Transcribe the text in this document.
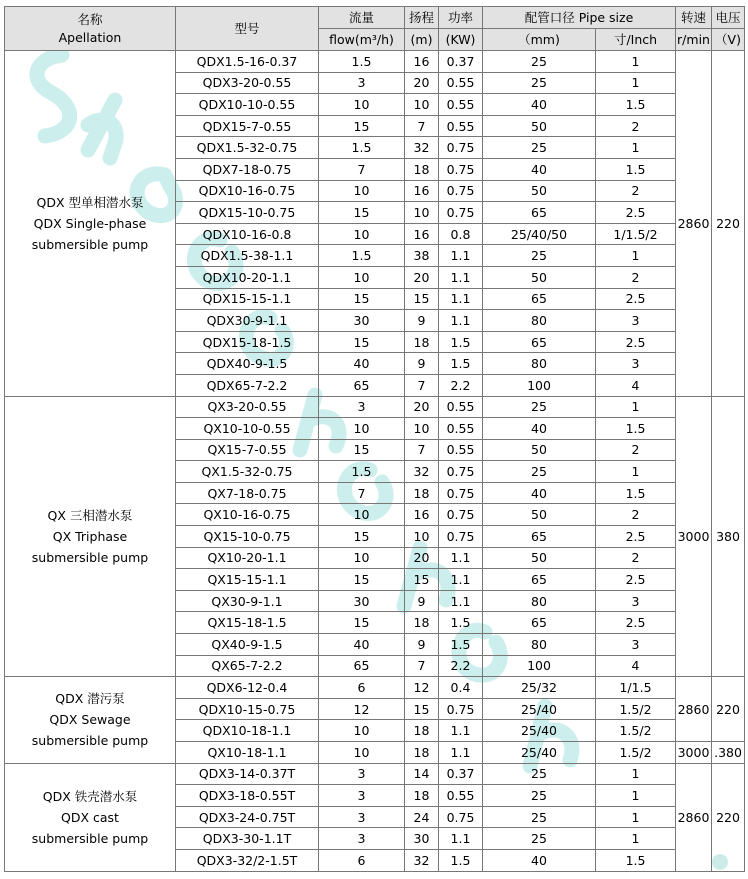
名称
Apellation	型号	流量	扬程	功率	配管口径 Pipe size		转速	电压
		flow(m³/h)	(m)	(KW)	（mm)	寸/Inch	r/min	（V)

QDX 型单相潜水泵
QDX Single-phase
submersible pump	QDX1.5-16-0.37	1.5	16	0.37	25	1	2860	220
	QDX3-20-0.55	3	20	0.55	25	1		
	QDX10-10-0.55	10	10	0.55	40	1.5		
	QDX15-7-0.55	15	7	0.55	50	2		
	QDX1.5-32-0.75	1.5	32	0.75	25	1		
	QDX7-18-0.75	7	18	0.75	40	1.5		
	QDX10-16-0.75	10	16	0.75	50	2		
	QDX15-10-0.75	15	10	0.75	65	2.5		
	QDX10-16-0.8	10	16	0.8	25/40/50	1/1.5/2		
	QDX1.5-38-1.1	1.5	38	1.1	25	1		
	QDX10-20-1.1	10	20	1.1	50	2		
	QDX15-15-1.1	15	15	1.1	65	2.5		
	QDX30-9-1.1	30	9	1.1	80	3		
	QDX15-18-1.5	15	18	1.5	65	2.5		
	QDX40-9-1.5	40	9	1.5	80	3		
	QDX65-7-2.2	65	7	2.2	100	4		

QX 三相潜水泵
QX Triphase
submersible pump	QX3-20-0.55	3	20	0.55	25	1	3000	380
	QX10-10-0.55	10	10	0.55	40	1.5		
	QX15-7-0.55	15	7	0.55	50	2		
	QX1.5-32-0.75	1.5	32	0.75	25	1		
	QX7-18-0.75	7	18	0.75	40	1.5		
	QX10-16-0.75	10	16	0.75	50	2		
	QX15-10-0.75	15	10	0.75	65	2.5		
	QX10-20-1.1	10	20	1.1	50	2		
	QX15-15-1.1	15	15	1.1	65	2.5		
	QX30-9-1.1	30	9	1.1	80	3		
	QX15-18-1.5	15	18	1.5	65	2.5		
	QX40-9-1.5	40	9	1.5	80	3		
	QX65-7-2.2	65	7	2.2	100	4		

QDX 潜污泵
QDX Sewage
submersible pump	QDX6-12-0.4	6	12	0.4	25/32	1/1.5	2860	220
	QDX10-15-0.75	12	15	0.75	25/40	1.5/2		
	QDX10-18-1.1	10	18	1.1	25/40	1.5/2		
	QX10-18-1.1	10	18	1.1	25/40	1.5/2	3000	.380

QDX 铁壳潜水泵
QDX cast
submersible pump	QDX3-14-0.37T	3	14	0.37	25	1	2860	220
	QDX3-18-0.55T	3	18	0.55	25	1		
	QDX3-24-0.75T	3	24	0.75	25	1		
	QDX3-30-1.1T	3	30	1.1	25	1		
	QDX3-32/2-1.5T	6	32	1.5	40	1.5		
